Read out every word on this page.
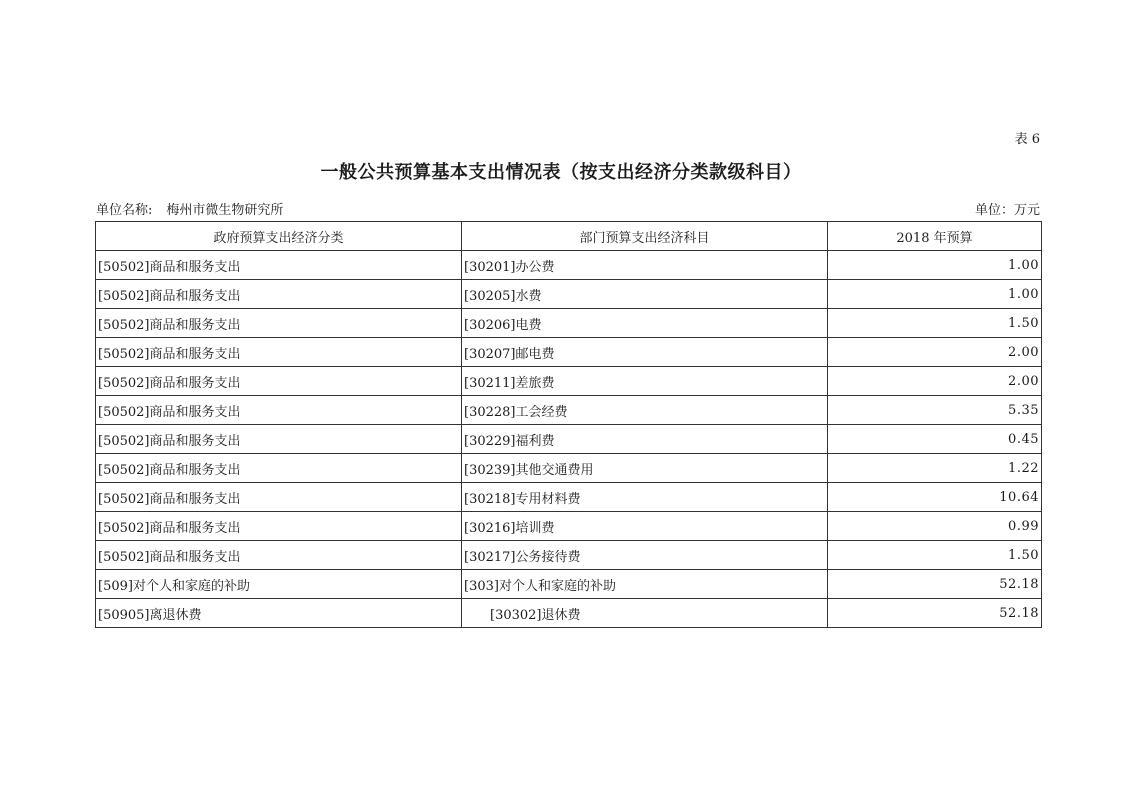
表 6
一般公共预算基本支出情况表（按支出经济分类款级科目）
单位名称: 梅州市微生物研究所	单位：万元
政府预算支出经济分类	部门预算支出经济科目	2018 年预算
[50502]商品和服务支出	[30201]办公费	1.00
[50502]商品和服务支出	[30205]水费	1.00
[50502]商品和服务支出	[30206]电费	1.50
[50502]商品和服务支出	[30207]邮电费	2.00
[50502]商品和服务支出	[30211]差旅费	2.00
[50502]商品和服务支出	[30228]工会经费	5.35
[50502]商品和服务支出	[30229]福利费	0.45
[50502]商品和服务支出	[30239]其他交通费用	1.22
[50502]商品和服务支出	[30218]专用材料费	10.64
[50502]商品和服务支出	[30216]培训费	0.99
[50502]商品和服务支出	[30217]公务接待费	1.50
[509]对个人和家庭的补助	[303]对个人和家庭的补助	52.18
[50905]离退休费	[30302]退休费	52.18
